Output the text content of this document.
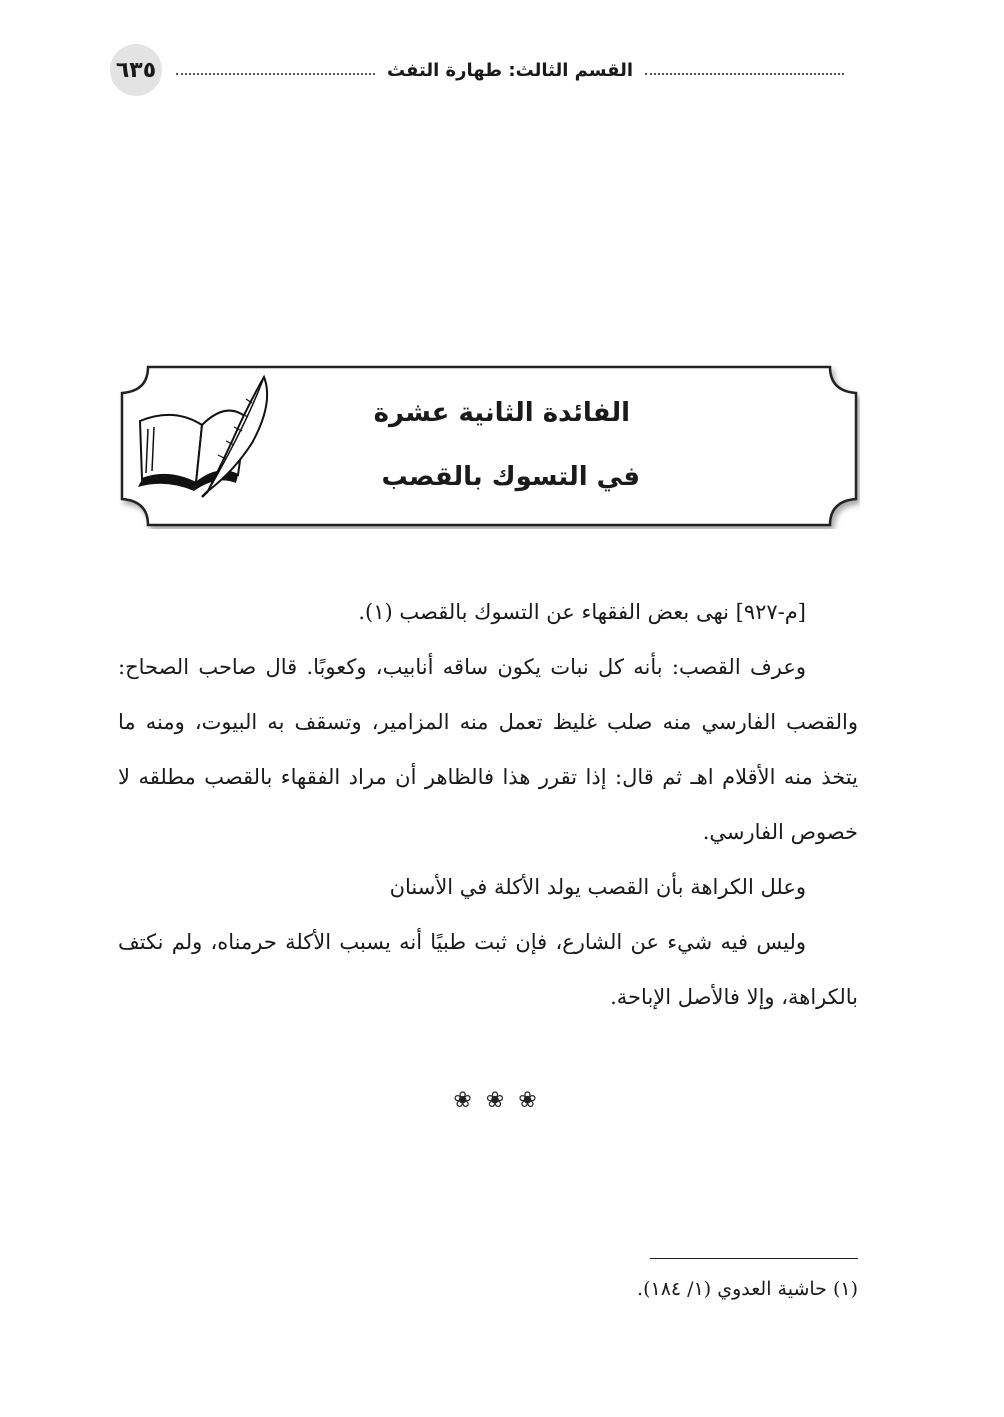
٦٣٥	القسم الثالث: طهارة التفث
الفائدة الثانية عشرة
في التسوك بالقصب

[م-٩٢٧] نهى بعض الفقهاء عن التسوك بالقصب (١).

وعرف القصب: بأنه كل نبات يكون ساقه أنابيب، وكعوبًا. قال صاحب الصحاح: والقصب الفارسي منه صلب غليظ تعمل منه المزامير، وتسقف به البيوت، ومنه ما يتخذ منه الأقلام اهـ ثم قال: إذا تقرر هذا فالظاهر أن مراد الفقهاء بالقصب مطلقه لا خصوص الفارسي.

وعلل الكراهة بأن القصب يولد الأكلة في الأسنان

وليس فيه شيء عن الشارع، فإن ثبت طبيًا أنه يسبب الأكلة حرمناه، ولم نكتف بالكراهة، وإلا فالأصل الإباحة.

❀❀❀
(١) حاشية العدوي (١/ ١٨٤).
